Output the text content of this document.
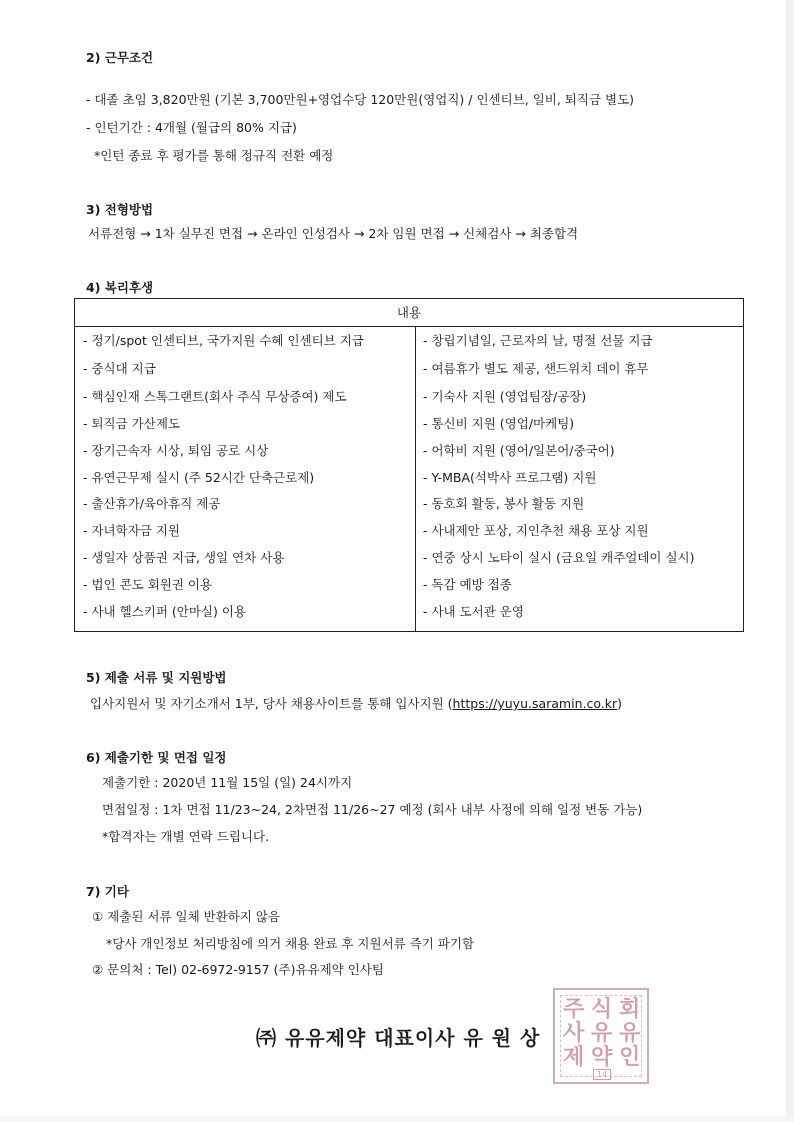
2) 근무조건
- 대졸 초임 3,820만원 (기본 3,700만원+영업수당 120만원(영업직) / 인센티브, 일비, 퇴직금 별도)
- 인턴기간 : 4개월 (월급의 80% 지급)
*인턴 종료 후 평가를 통해 정규직 전환 예정
3) 전형방법
서류전형 → 1차 실무진 면접 → 온라인 인성검사 → 2차 임원 면접 → 신체검사 → 최종합격
4) 복리후생
내용
- 정기/spot 인센티브, 국가지원 수혜 인센티브 지급
- 중식대 지급
- 핵심인재 스톡그랜트(회사 주식 무상증여) 제도
- 퇴직금 가산제도
- 장기근속자 시상, 퇴임 공로 시상
- 유연근무제 실시 (주 52시간 단축근로제)
- 출산휴가/육아휴직 제공
- 자녀학자금 지원
- 생일자 상품권 지급, 생일 연차 사용
- 법인 콘도 회원권 이용
- 사내 헬스키퍼 (안마실) 이용
- 창립기념일, 근로자의 날, 명절 선물 지급
- 여름휴가 별도 제공, 샌드위치 데이 휴무
- 기숙사 지원 (영업팀장/공장)
- 통신비 지원 (영업/마케팅)
- 어학비 지원 (영어/일본어/중국어)
- Y-MBA(석박사 프로그램) 지원
- 동호회 활동, 봉사 활동 지원
- 사내제안 포상, 지인추천 채용 포상 지원
- 연중 상시 노타이 실시 (금요일 캐주얼데이 실시)
- 독감 예방 접종
- 사내 도서관 운영
5) 제출 서류 및 지원방법
입사지원서 및 자기소개서 1부, 당사 채용사이트를 통해 입사지원 (https://yuyu.saramin.co.kr)
6) 제출기한 및 면접 일정
제출기한 : 2020년 11월 15일 (일) 24시까지
면접일정 : 1차 면접 11/23~24, 2차면접 11/26~27 예정 (회사 내부 사정에 의해 일정 변동 가능)
*합격자는 개별 연락 드립니다.
7) 기타
① 제출된 서류 일체 반환하지 않음
*당사 개인정보 처리방침에 의거 채용 완료 후 지원서류 즉기 파기함
② 문의처 : Tel) 02-6972-9157 (주)유유제약 인사팀
주 식 회
사 유 유
제 약 인
14
㈜ 유유제약 대표이사 유 원 상
